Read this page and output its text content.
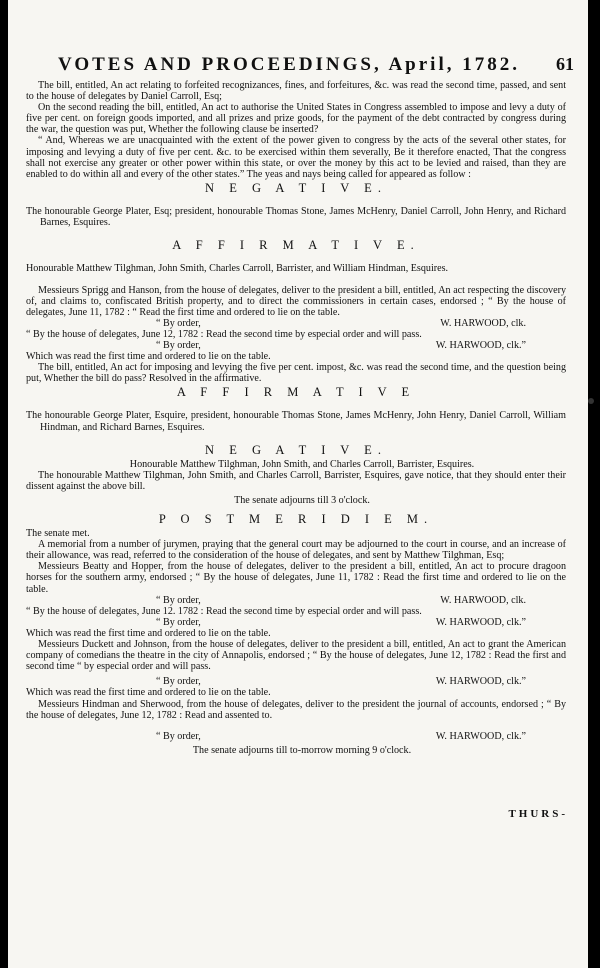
VOTES AND PROCEEDINGS, April, 1782. 61

The bill, entitled, An act relating to forfeited recognizances, fines, and forfeitures, &c. was read the second time, passed, and sent to the house of delegates by Daniel Carroll, Esq;

On the second reading the bill, entitled, An act to authorise the United States in Congress assembled to impose and levy a duty of five per cent. on foreign goods imported, and all prizes and prize goods, for the payment of the debt contracted by congress during the war, the question was put, Whether the following clause be inserted?

“ And, Whereas we are unacquainted with the extent of the power given to congress by the acts of the several other states, for imposing and levying a duty of five per cent. &c. to be exercised within them severally, Be it therefore enacted, That the congress shall not exercise any greater or other power within this state, or over the money by this act to be levied and raised, than they are enabled to do within all and every of the other states.” The yeas and nays being called for appeared as follow :

N E G A T I V E.

The honourable George Plater, Esq; president, honourable Thomas Stone, James McHenry, Daniel Carroll, John Henry, and Richard Barnes, Esquires.

A F F I R M A T I V E.

Honourable Matthew Tilghman, John Smith, Charles Carroll, Barrister, and William Hindman, Esquires.

Messieurs Sprigg and Hanson, from the house of delegates, deliver to the president a bill, entitled, An act respecting the discovery of, and claims to, confiscated British property, and to direct the commissioners in certain cases, endorsed ; “ By the house of delegates, June 11, 1782 : “ Read the first time and ordered to lie on the table.

“ By order,	W. HARWOOD, clk.

“ By the house of delegates, June 12, 1782 : Read the second time by especial order and will pass.

“ By order,	W. HARWOOD, clk.”

Which was read the first time and ordered to lie on the table.

The bill, entitled, An act for imposing and levying the five per cent. impost, &c. was read the second time, and the question being put, Whether the bill do pass? Resolved in the affirmative.

A F F I R M A T I V E

The honourable George Plater, Esquire, president, honourable Thomas Stone, James McHenry, John Henry, Daniel Carroll, William Hindman, and Richard Barnes, Esquires.

N E G A T I V E.

Honourable Matthew Tilghman, John Smith, and Charles Carroll, Barrister, Esquires.

The honourable Matthew Tilghman, John Smith, and Charles Carroll, Barrister, Esquires, gave notice, that they should enter their dissent against the above bill.

The senate adjourns till 3 o'clock.

P O S T M E R I D I E M.

The senate met.

A memorial from a number of jurymen, praying that the general court may be adjourned to the court in course, and an increase of their allowance, was read, referred to the consideration of the house of delegates, and sent by Matthew Tilghman, Esq;

Messieurs Beatty and Hopper, from the house of delegates, deliver to the president a bill, entitled, An act to procure dragoon horses for the southern army, endorsed ; “ By the house of delegates, June 11, 1782 : Read the first time and ordered to lie on the table.

“ By order,	W. HARWOOD, clk.

“ By the house of delegates, June 12. 1782 : Read the second time by especial order and will pass.

“ By order,	W. HARWOOD, clk.”

Which was read the first time and ordered to lie on the table.

Messieurs Duckett and Johnson, from the house of delegates, deliver to the president a bill, entitled, An act to grant the American company of comedians the theatre in the city of Annapolis, endorsed ; “ By the house of delegates, June 12, 1782 : Read the first and second time “ by especial order and will pass.

“ By order,	W. HARWOOD, clk.”

Which was read the first time and ordered to lie on the table.

Messieurs Hindman and Sherwood, from the house of delegates, deliver to the president the journal of accounts, endorsed ; “ By the house of delegates, June 12, 1782 : Read and assented to.

“ By order,	W. HARWOOD, clk.”

The senate adjourns till to-morrow morning 9 o'clock.

THURS-
